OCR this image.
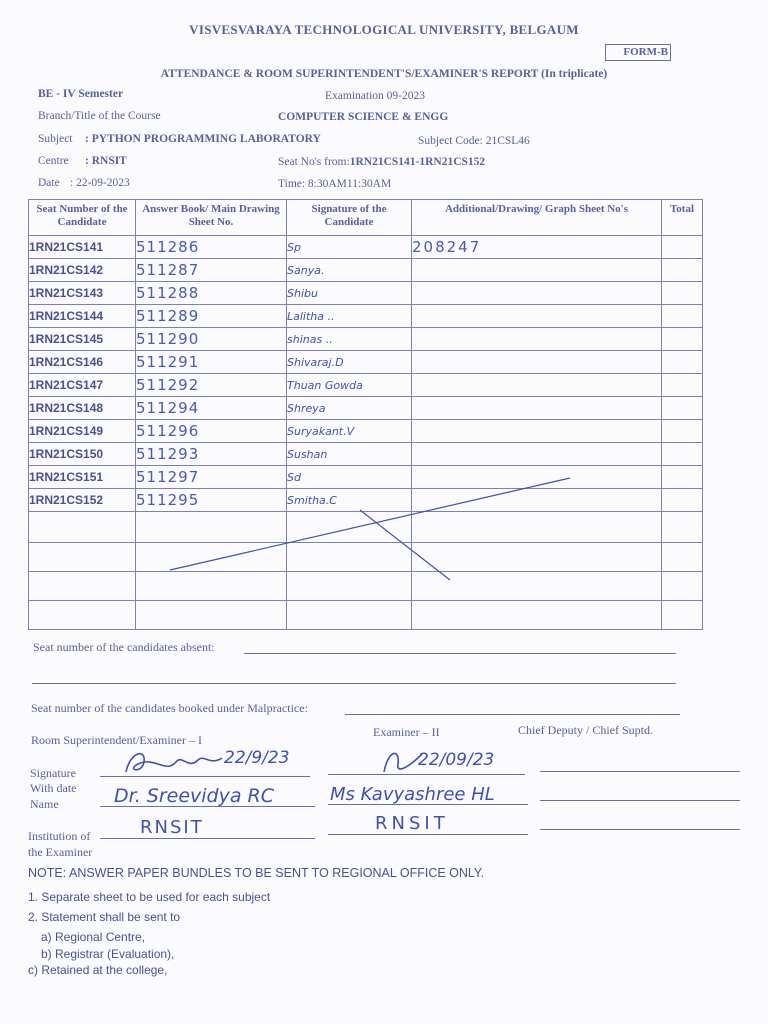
VISVESVARAYA TECHNOLOGICAL UNIVERSITY, BELGAUM
FORM-B
ATTENDANCE & ROOM SUPERINTENDENT'S/EXAMINER'S REPORT (In triplicate)
BE - IV Semester	Examination 09-2023
Branch/Title of the Course	COMPUTER SCIENCE & ENGG
Subject : PYTHON PROGRAMMING LABORATORY	Subject Code: 21CSL46
Centre : RNSIT	Seat No's from:1RN21CS141-1RN21CS152
Date : 22-09-2023	Time: 8:30AM11:30AM
Seat Number of the Candidate	Answer Book/ Main Drawing Sheet No.	Signature of the Candidate	Additional/Drawing/ Graph Sheet No's	Total
1RN21CS141	511286	Sp	208247	
1RN21CS142	511287	Sanya.		
1RN21CS143	511288	Shibu		
1RN21CS144	511289	Lalitha ..		
1RN21CS145	511290	shinas ..		
1RN21CS146	511291	Shivaraj.D		
1RN21CS147	511292	Thuan Gowda		
1RN21CS148	511294	Shreya		
1RN21CS149	511296	Suryakant.V		
1RN21CS150	511293	Sushan		
1RN21CS151	511297	Sd		
1RN21CS152	511295	Smitha.C		

Seat number of the candidates absent:
Seat number of the candidates booked under Malpractice:
Room Superintendent/Examiner – I
Examiner – II	Chief Deputy / Chief Suptd.
Signature
With date
Name
Institution of
the Examiner
22/9/23	22/09/23
Dr. Sreevidya RC	Ms Kavyashree HL
RNSIT	RNSIT
NOTE: ANSWER PAPER BUNDLES TO BE SENT TO REGIONAL OFFICE ONLY.
1. Separate sheet to be used for each subject
2. Statement shall be sent to
a) Regional Centre,
b) Registrar (Evaluation),
c) Retained at the college,
